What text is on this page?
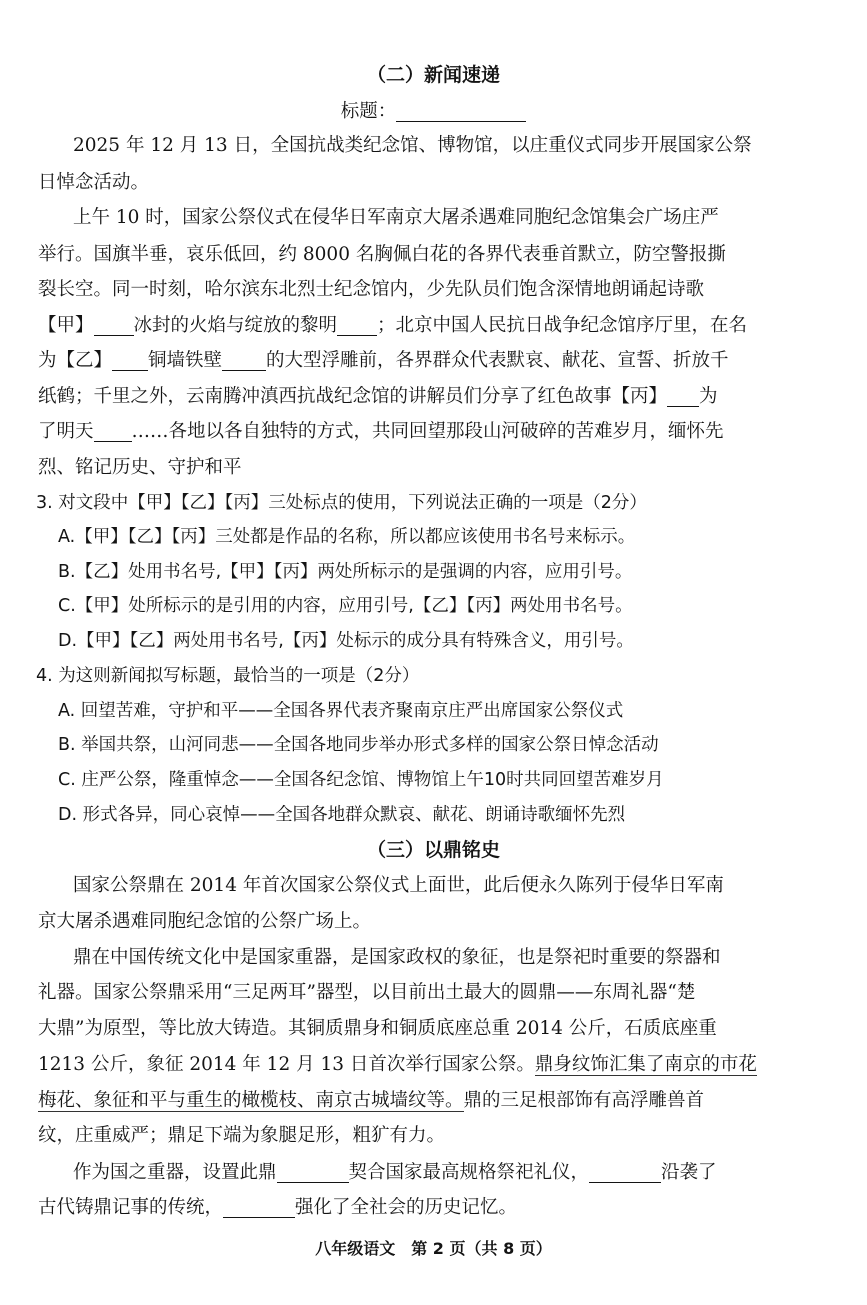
（二）新闻速递
标题：
2025 年 12 月 13 日，全国抗战类纪念馆、博物馆，以庄重仪式同步开展国家公祭
日悼念活动。
上午 10 时，国家公祭仪式在侵华日军南京大屠杀遇难同胞纪念馆集会广场庄严
举行。国旗半垂，哀乐低回，约 8000 名胸佩白花的各界代表垂首默立，防空警报撕
裂长空。同一时刻，哈尔滨东北烈士纪念馆内，少先队员们饱含深情地朗诵起诗歌
【甲】 冰封的火焰与绽放的黎明 ；北京中国人民抗日战争纪念馆序厅里，在名
为【乙】 铜墙铁壁 的大型浮雕前，各界群众代表默哀、献花、宣誓、折放千
纸鹤；千里之外，云南腾冲滇西抗战纪念馆的讲解员们分享了红色故事【丙】 为
了明天 ……各地以各自独特的方式，共同回望那段山河破碎的苦难岁月，缅怀先
烈、铭记历史、守护和平
3. 对文段中【甲】【乙】【丙】三处标点的使用，下列说法正确的一项是（2分）
A.【甲】【乙】【丙】三处都是作品的名称，所以都应该使用书名号来标示。
B.【乙】处用书名号,【甲】【丙】两处所标示的是强调的内容，应用引号。
C.【甲】处所标示的是引用的内容，应用引号,【乙】【丙】两处用书名号。
D.【甲】【乙】两处用书名号,【丙】处标示的成分具有特殊含义，用引号。
4. 为这则新闻拟写标题，最恰当的一项是（2分）
A. 回望苦难，守护和平——全国各界代表齐聚南京庄严出席国家公祭仪式
B. 举国共祭，山河同悲——全国各地同步举办形式多样的国家公祭日悼念活动
C. 庄严公祭，隆重悼念——全国各纪念馆、博物馆上午10时共同回望苦难岁月
D. 形式各异，同心哀悼——全国各地群众默哀、献花、朗诵诗歌缅怀先烈
（三）以鼎铭史
国家公祭鼎在 2014 年首次国家公祭仪式上面世，此后便永久陈列于侵华日军南
京大屠杀遇难同胞纪念馆的公祭广场上。
鼎在中国传统文化中是国家重器，是国家政权的象征，也是祭祀时重要的祭器和
礼器。国家公祭鼎采用“三足两耳”器型，以目前出土最大的圆鼎——东周礼器“楚
大鼎”为原型，等比放大铸造。其铜质鼎身和铜质底座总重 2014 公斤，石质底座重
1213 公斤，象征 2014 年 12 月 13 日首次举行国家公祭。鼎身纹饰汇集了南京的市花
梅花、象征和平与重生的橄榄枝、南京古城墙纹等。鼎的三足根部饰有高浮雕兽首
纹，庄重威严；鼎足下端为象腿足形，粗犷有力。
作为国之重器，设置此鼎	契合国家最高规格祭祀礼仪，	沿袭了
古代铸鼎记事的传统，	强化了全社会的历史记忆。
八年级语文　第 2 页（共 8 页）
